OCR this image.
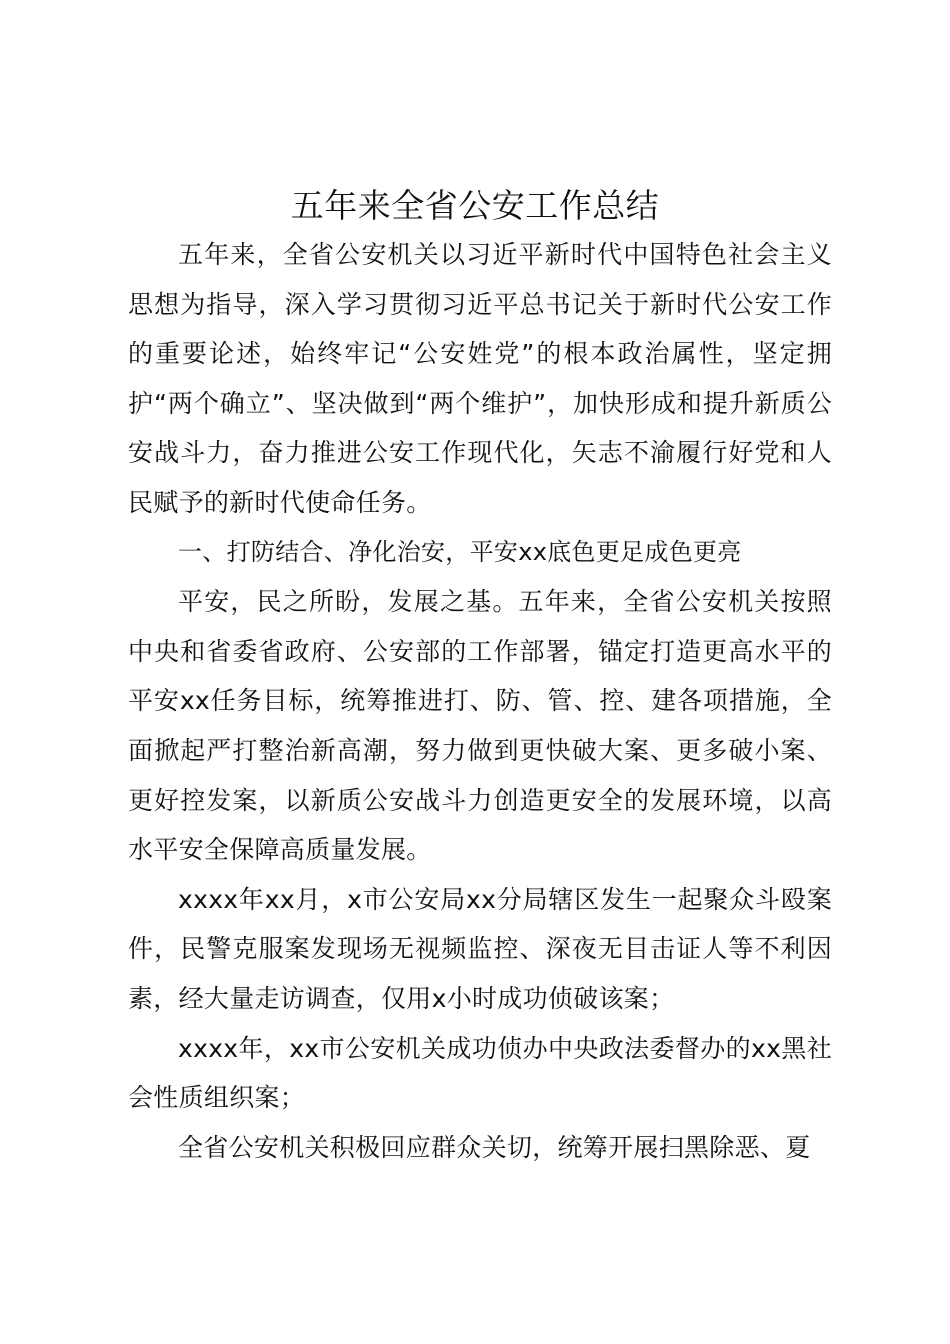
五年来全省公安工作总结

五年来，全省公安机关以习近平新时代中国特色社会主义思想为指导，深入学习贯彻习近平总书记关于新时代公安工作的重要论述，始终牢记“公安姓党”的根本政治属性，坚定拥护“两个确立”、坚决做到“两个维护”，加快形成和提升新质公安战斗力，奋力推进公安工作现代化，矢志不渝履行好党和人民赋予的新时代使命任务。

一、打防结合、净化治安，平安xx底色更足成色更亮

平安，民之所盼，发展之基。五年来，全省公安机关按照中央和省委省政府、公安部的工作部署，锚定打造更高水平的平安xx任务目标，统筹推进打、防、管、控、建各项措施，全面掀起严打整治新高潮，努力做到更快破大案、更多破小案、更好控发案，以新质公安战斗力创造更安全的发展环境，以高水平安全保障高质量发展。

xxxx年xx月，x市公安局xx分局辖区发生一起聚众斗殴案件，民警克服案发现场无视频监控、深夜无目击证人等不利因素，经大量走访调查，仅用x小时成功侦破该案；

xxxx年，xx市公安机关成功侦办中央政法委督办的xx黑社会性质组织案；

全省公安机关积极回应群众关切，统筹开展扫黑除恶、夏
